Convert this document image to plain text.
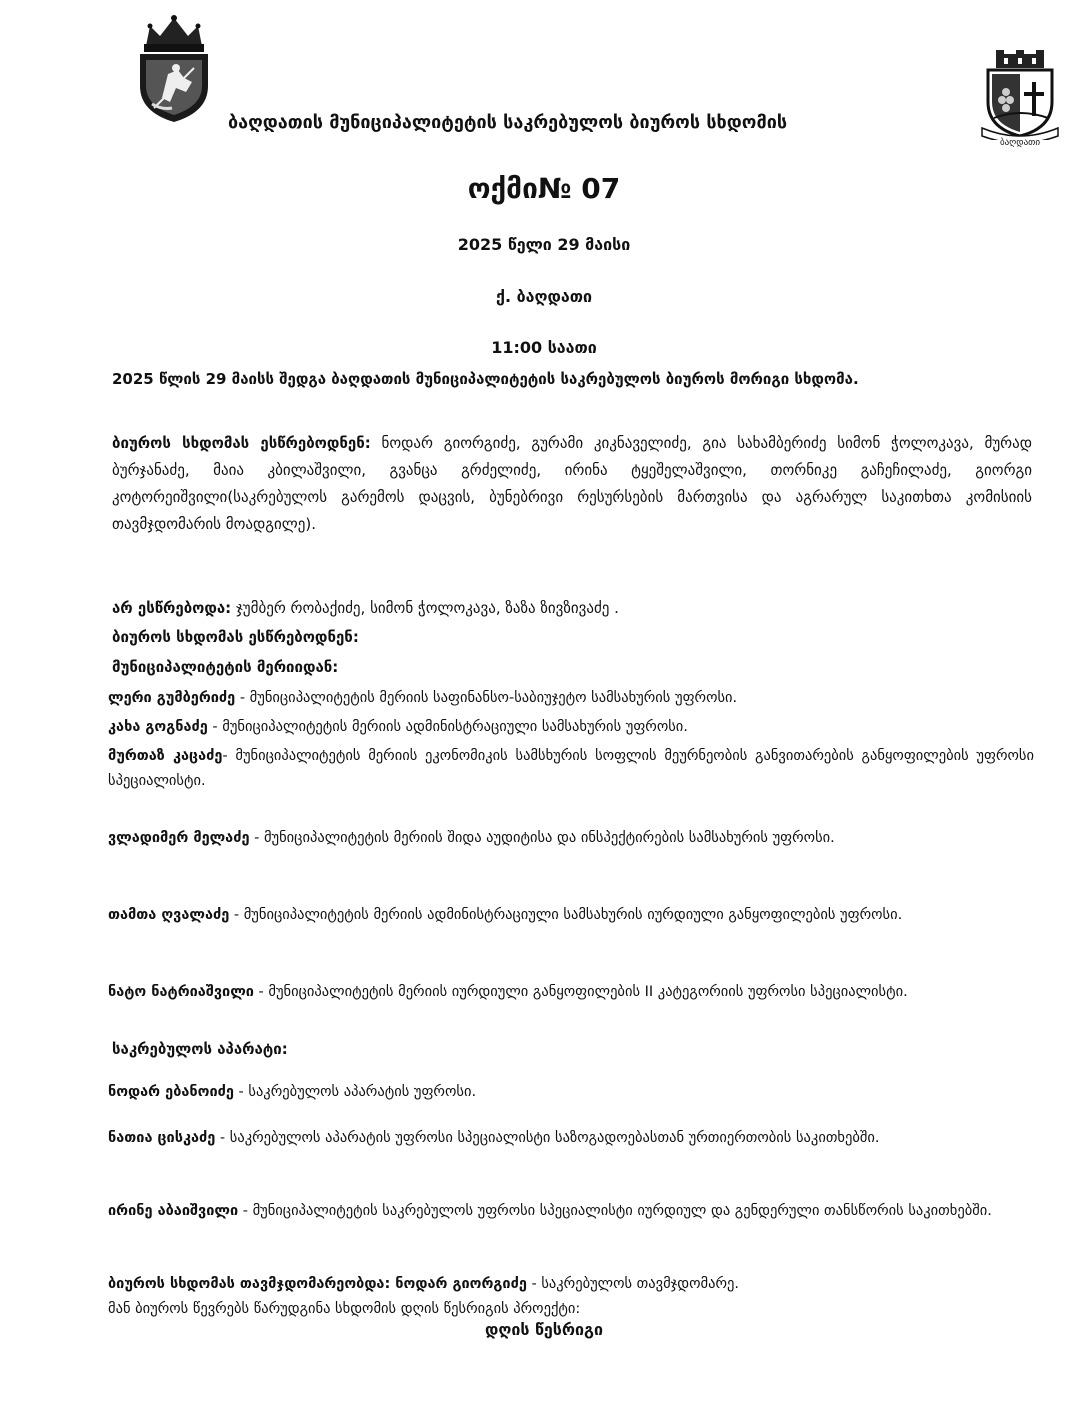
ბაღდათი
ბაღდათის მუნიციპალიტეტის საკრებულოს ბიუროს სხდომის
ოქმი№ 07
2025 წელი 29 მაისი
ქ. ბაღდათი
11:00 საათი
2025 წლის 29 მაისს შედგა ბაღდათის მუნიციპალიტეტის საკრებულოს ბიუროს მორიგი სხდომა.
ბიუროს სხდომას ესწრებოდნენ: ნოდარ გიორგიძე, გურამი კიკნაველიძე, გია სახამბერიძე სიმონ ჭოლოკავა, მურად ბურჯანაძე, მაია კბილაშვილი, გვანცა გრძელიძე, ირინა ტყეშელაშვილი, თორნიკე გაჩეჩილაძე, გიორგი კოტორეიშვილი(საკრებულოს გარემოს დაცვის, ბუნებრივი რესურსების მართვისა და აგრარულ საკითხთა კომისიის თავმჯდომარის მოადგილე).
არ ესწრებოდა: ჯუმბერ რობაქიძე, სიმონ ჭოლოკავა, ზაზა ზივზივაძე .
ბიუროს სხდომას ესწრებოდნენ:
მუნიციპალიტეტის მერიიდან:
ლერი გუმბერიძე - მუნიციპალიტეტის მერიის საფინანსო-საბიუჯეტო სამსახურის უფროსი.
კახა გოგნაძე - მუნიციპალიტეტის მერიის ადმინისტრაციული სამსახურის უფროსი.
მურთაზ კაცაძე- მუნიციპალიტეტის მერიის ეკონომიკის სამსხურის სოფლის მეურნეობის განვითარების განყოფილების უფროსი სპეციალისტი.
ვლადიმერ მელაძე - მუნიციპალიტეტის მერიის შიდა აუდიტისა და ინსპექტირების სამსახურის უფროსი.
თამთა ღვალაძე - მუნიციპალიტეტის მერიის ადმინისტრაციული სამსახურის იურდიული განყოფილების უფროსი.
ნატო ნატრიაშვილი - მუნიციპალიტეტის მერიის იურდიული განყოფილების II კატეგორიის უფროსი სპეციალისტი.
საკრებულოს აპარატი:
ნოდარ ებანოიძე - საკრებულოს აპარატის უფროსი.
ნათია ცისკაძე - საკრებულოს აპარატის უფროსი სპეციალისტი საზოგადოებასთან ურთიერთობის საკითხებში.
ირინე აბაიშვილი - მუნიციპალიტეტის საკრებულოს უფროსი სპეციალისტი იურდიულ და გენდერული თანსწორის საკითხებში.
ბიუროს სხდომას თავმჯდომარეობდა: ნოდარ გიორგიძე - საკრებულოს თავმჯდომარე.
მან ბიუროს წევრებს წარუდგინა სხდომის დღის წესრიგის პროექტი:
დღის წესრიგი
